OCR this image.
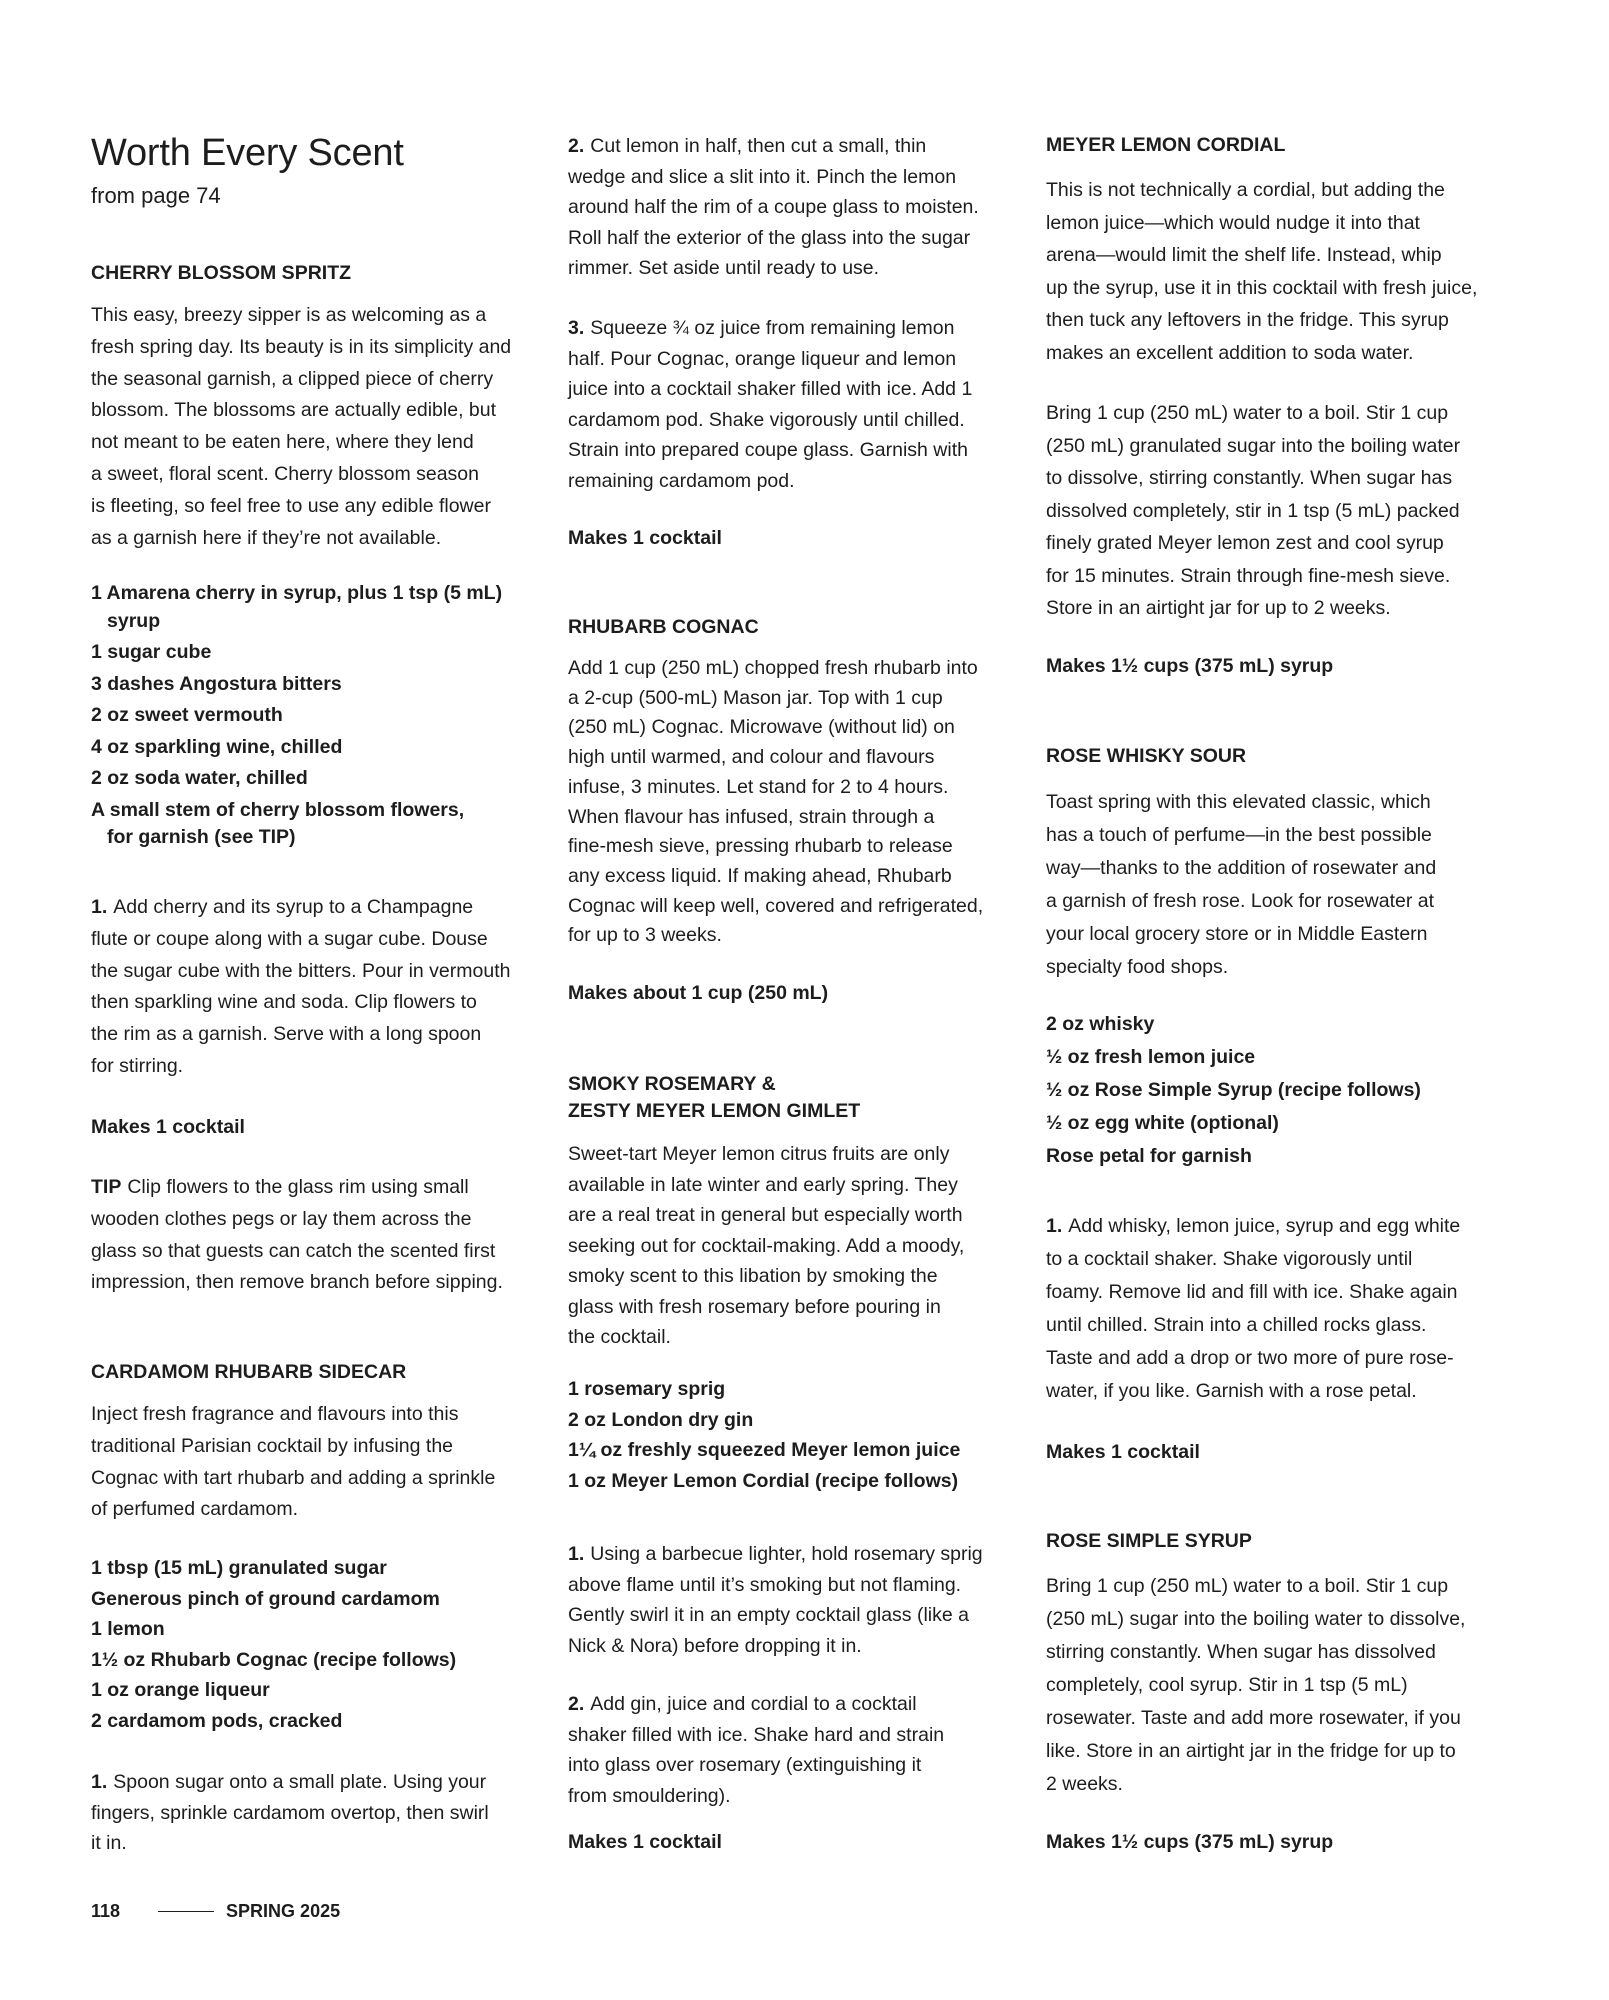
Worth Every Scent

from page 74

CHERRY BLOSSOM SPRITZ
This easy, breezy sipper is as welcoming as a
fresh spring day. Its beauty is in its simplicity and
the seasonal garnish, a clipped piece of cherry
blossom. The blossoms are actually edible, but
not meant to be eaten here, where they lend
a sweet, floral scent. Cherry blossom season
is fleeting, so feel free to use any edible flower
as a garnish here if they’re not available.
1 Amarena cherry in syrup, plus 1 tsp (5 mL)
syrup
1 sugar cube
3 dashes Angostura bitters
2 oz sweet vermouth
4 oz sparkling wine, chilled
2 oz soda water, chilled
A small stem of cherry blossom flowers,
for garnish (see TIP)
1. Add cherry and its syrup to a Champagne
flute or coupe along with a sugar cube. Douse
the sugar cube with the bitters. Pour in vermouth
then sparkling wine and soda. Clip flowers to
the rim as a garnish. Serve with a long spoon
for stirring.

Makes 1 cocktail

TIP Clip flowers to the glass rim using small
wooden clothes pegs or lay them across the
glass so that guests can catch the scented first
impression, then remove branch before sipping.
CARDAMOM RHUBARB SIDECAR
Inject fresh fragrance and flavours into this
traditional Parisian cocktail by infusing the
Cognac with tart rhubarb and adding a sprinkle
of perfumed cardamom.
1 tbsp (15 mL) granulated sugar
Generous pinch of ground cardamom
1 lemon
1½ oz Rhubarb Cognac (recipe follows)
1 oz orange liqueur
2 cardamom pods, cracked
1. Spoon sugar onto a small plate. Using your
fingers, sprinkle cardamom overtop, then swirl
it in.
2. Cut lemon in half, then cut a small, thin
wedge and slice a slit into it. Pinch the lemon
around half the rim of a coupe glass to moisten.
Roll half the exterior of the glass into the sugar
rimmer. Set aside until ready to use.
3. Squeeze ¾ oz juice from remaining lemon
half. Pour Cognac, orange liqueur and lemon
juice into a cocktail shaker filled with ice. Add 1
cardamom pod. Shake vigorously until chilled.
Strain into prepared coupe glass. Garnish with
remaining cardamom pod.

Makes 1 cocktail

RHUBARB COGNAC
Add 1 cup (250 mL) chopped fresh rhubarb into
a 2-cup (500-mL) Mason jar. Top with 1 cup
(250 mL) Cognac. Microwave (without lid) on
high until warmed, and colour and flavours
infuse, 3 minutes. Let stand for 2 to 4 hours.
When flavour has infused, strain through a
fine-mesh sieve, pressing rhubarb to release
any excess liquid. If making ahead, Rhubarb
Cognac will keep well, covered and refrigerated,
for up to 3 weeks.

Makes about 1 cup (250 mL)

SMOKY ROSEMARY &
ZESTY MEYER LEMON GIMLET
Sweet-tart Meyer lemon citrus fruits are only
available in late winter and early spring. They
are a real treat in general but especially worth
seeking out for cocktail-making. Add a moody,
smoky scent to this libation by smoking the
glass with fresh rosemary before pouring in
the cocktail.
1 rosemary sprig
2 oz London dry gin
1¼ oz freshly squeezed Meyer lemon juice
1 oz Meyer Lemon Cordial (recipe follows)
1. Using a barbecue lighter, hold rosemary sprig
above flame until it’s smoking but not flaming.
Gently swirl it in an empty cocktail glass (like a
Nick & Nora) before dropping it in.
2. Add gin, juice and cordial to a cocktail
shaker filled with ice. Shake hard and strain
into glass over rosemary (extinguishing it
from smouldering).

Makes 1 cocktail

MEYER LEMON CORDIAL
This is not technically a cordial, but adding the
lemon juice—which would nudge it into that
arena—would limit the shelf life. Instead, whip
up the syrup, use it in this cocktail with fresh juice,
then tuck any leftovers in the fridge. This syrup
makes an excellent addition to soda water.
Bring 1 cup (250 mL) water to a boil. Stir 1 cup
(250 mL) granulated sugar into the boiling water
to dissolve, stirring constantly. When sugar has
dissolved completely, stir in 1 tsp (5 mL) packed
finely grated Meyer lemon zest and cool syrup
for 15 minutes. Strain through fine-mesh sieve.
Store in an airtight jar for up to 2 weeks.

Makes 1½ cups (375 mL) syrup

ROSE WHISKY SOUR
Toast spring with this elevated classic, which
has a touch of perfume—in the best possible
way—thanks to the addition of rosewater and
a garnish of fresh rose. Look for rosewater at
your local grocery store or in Middle Eastern
specialty food shops.
2 oz whisky
½ oz fresh lemon juice
½ oz Rose Simple Syrup (recipe follows)
½ oz egg white (optional)
Rose petal for garnish
1. Add whisky, lemon juice, syrup and egg white
to a cocktail shaker. Shake vigorously until
foamy. Remove lid and fill with ice. Shake again
until chilled. Strain into a chilled rocks glass.
Taste and add a drop or two more of pure rose-
water, if you like. Garnish with a rose petal.

Makes 1 cocktail

ROSE SIMPLE SYRUP
Bring 1 cup (250 mL) water to a boil. Stir 1 cup
(250 mL) sugar into the boiling water to dissolve,
stirring constantly. When sugar has dissolved
completely, cool syrup. Stir in 1 tsp (5 mL)
rosewater. Taste and add more rosewater, if you
like. Store in an airtight jar in the fridge for up to
2 weeks.

Makes 1½ cups (375 mL) syrup

118	SPRING 2025
